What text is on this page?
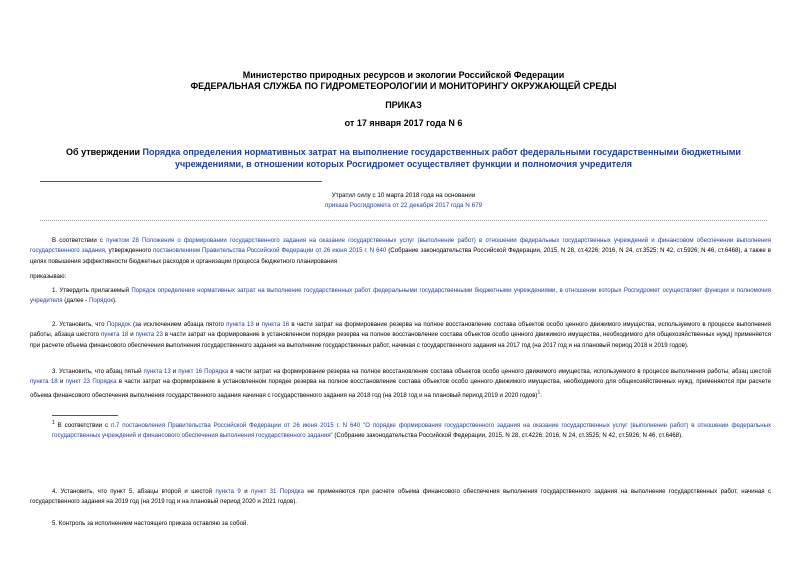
Министерство природных ресурсов и экологии Российской Федерации
ФЕДЕРАЛЬНАЯ СЛУЖБА ПО ГИДРОМЕТЕОРОЛОГИИ И МОНИТОРИНГУ ОКРУЖАЮЩЕЙ СРЕДЫ
ПРИКАЗ
от 17 января 2017 года N 6
Об утверждении Порядка определения нормативных затрат на выполнение государственных работ федеральными государственными бюджетными
учреждениями, в отношении которых Росгидромет осуществляет функции и полномочия учредителя
Утратил силу с 10 марта 2018 года на основании
приказа Росгидромета от 22 декабря 2017 года N 679
В соответствии с пунктом 28 Положения о формировании государственного задания на оказание государственных услуг (выполнение работ) в отношении федеральных государственных учреждений и финансовом обеспечении выполнения государственного задания, утвержденного постановлением Правительства Российской Федерации от 26 июня 2015 г. N 640 (Собрание законодательства Российской Федерации, 2015, N 28, ст.4226; 2016, N 24, ст.3525; N 42, ст.5926; N 46, ст.6468), а также в целях повышения эффективности бюджетных расходов и организации процесса бюджетного планирования
приказываю:
1. Утвердить прилагаемый Порядок определения нормативных затрат на выполнение государственных работ федеральными государственными бюджетными учреждениями, в отношении которых Росгидромет осуществляет функции и полномочия учредителя (далее - Порядок).
2. Установить, что Порядок (за исключением абзаца пятого пункта 13 и пункта 16 в части затрат на формирование резерва на полное восстановление состава объектов особо ценного движимого имущества, используемого в процессе выполнения работы, абзаца шестого пункта 18 и пункта 23 в части затрат на формирование в установленном порядке резерва на полное восстановление состава объектов особо ценного движимого имущества, необходимого для общехозяйственных нужд) применяется при расчете объема финансового обеспечения выполнения государственного задания на выполнение государственных работ, начиная с государственного задания на 2017 год (на 2017 год и на плановый период 2018 и 2019 годов).
3. Установить, что абзац пятый пункта 13 и пункт 16 Порядка в части затрат на формирование резерва на полное восстановление состава объектов особо ценного движимого имущества, используемого в процессе выполнения работы, абзац шестой пункта 18 и пункт 23 Порядка в части затрат на формирование в установленном порядке резерва на полное восстановление состава объектов особо ценного движимого имущества, необходимого для общехозяйственных нужд, применяются при расчете объема финансового обеспечения выполнения государственного задания начиная с государственного задания на 2018 год (на 2018 год и на плановый период 2019 и 2020 годов)$^1$.
$^1$ В соответствии с п.7 постановления Правительства Российской Федерации от 26 июня 2015 г. N 640 "О порядке формирования государственного задания на оказание государственных услуг (выполнение работ) в отношении федеральных государственных учреждений и финансового обеспечения выполнения государственного задания" (Собрание законодательства Российской Федерации, 2015, N 28, ст.4226; 2016, N 24, ст.3525; N 42, ст.5926; N 46, ст.6468).
4. Установить, что пункт 5, абзацы второй и шестой пункта 9 и пункт 31 Порядка не применяются при расчете объема финансового обеспечения выполнения государственного задания на выполнение государственных работ, начиная с государственного задания на 2019 год (на 2019 год и на плановый период 2020 и 2021 годов).
5. Контроль за исполнением настоящего приказа оставляю за собой.
